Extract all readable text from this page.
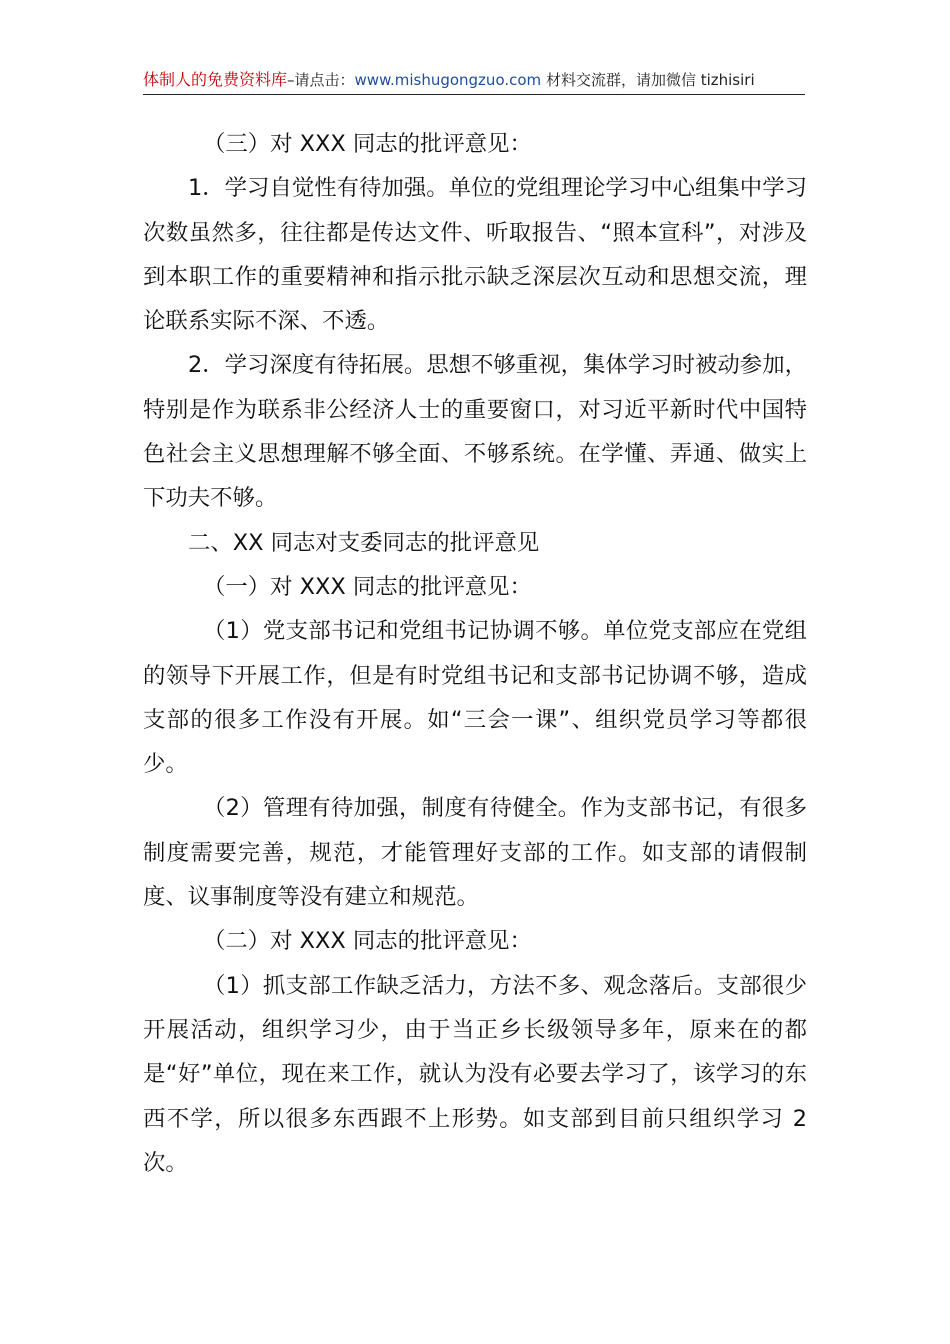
体制人的免费资料库–请点击：www.mishugongzuo.com 材料交流群，请加微信 tizhisiri

（三）对 XXX 同志的批评意见：

1．学习自觉性有待加强。单位的党组理论学习中心组集中学习次数虽然多，往往都是传达文件、听取报告、“照本宣科”，对涉及到本职工作的重要精神和指示批示缺乏深层次互动和思想交流，理论联系实际不深、不透。

2．学习深度有待拓展。思想不够重视，集体学习时被动参加，特别是作为联系非公经济人士的重要窗口，对习近平新时代中国特色社会主义思想理解不够全面、不够系统。在学懂、弄通、做实上下功夫不够。

二、XX 同志对支委同志的批评意见

（一）对 XXX 同志的批评意见：

（1）党支部书记和党组书记协调不够。单位党支部应在党组的领导下开展工作，但是有时党组书记和支部书记协调不够，造成支部的很多工作没有开展。如“三会一课”、组织党员学习等都很少。

（2）管理有待加强，制度有待健全。作为支部书记，有很多制度需要完善，规范，才能管理好支部的工作。如支部的请假制度、议事制度等没有建立和规范。

（二）对 XXX 同志的批评意见：

（1）抓支部工作缺乏活力，方法不多、观念落后。支部很少开展活动，组织学习少，由于当正乡长级领导多年，原来在的都是“好”单位，现在来工作，就认为没有必要去学习了，该学习的东西不学，所以很多东西跟不上形势。如支部到目前只组织学习 2 次。
